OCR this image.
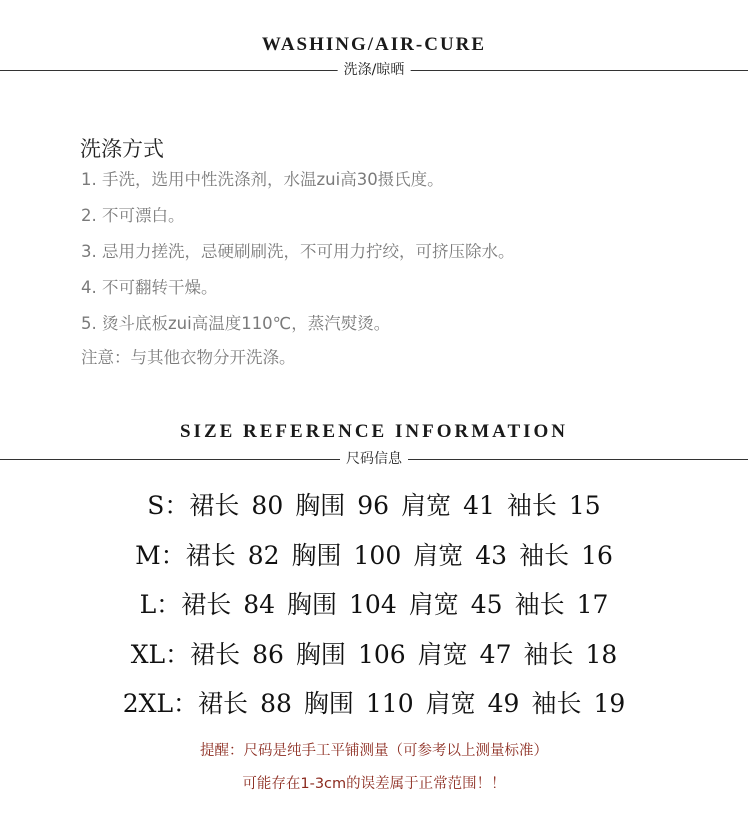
WASHING/AIR-CURE
洗涤/晾晒
洗涤方式
1. 手洗，选用中性洗涤剂，水温zui高30摄氏度。
2. 不可漂白。
3. 忌用力搓洗，忌硬刷刷洗，不可用力拧绞，可挤压除水。
4. 不可翻转干燥。
5. 烫斗底板zui高温度110℃，蒸汽熨烫。
注意：与其他衣物分开洗涤。
SIZE REFERENCE INFORMATION
尺码信息
S：裙长 80 胸围 96 肩宽 41 袖长 15
M：裙长 82 胸围 100 肩宽 43 袖长 16
L：裙长 84 胸围 104 肩宽 45 袖长 17
XL：裙长 86 胸围 106 肩宽 47 袖长 18
2XL：裙长 88 胸围 110 肩宽 49 袖长 19
提醒：尺码是纯手工平铺测量（可参考以上测量标准）
可能存在1-3cm的误差属于正常范围！！
